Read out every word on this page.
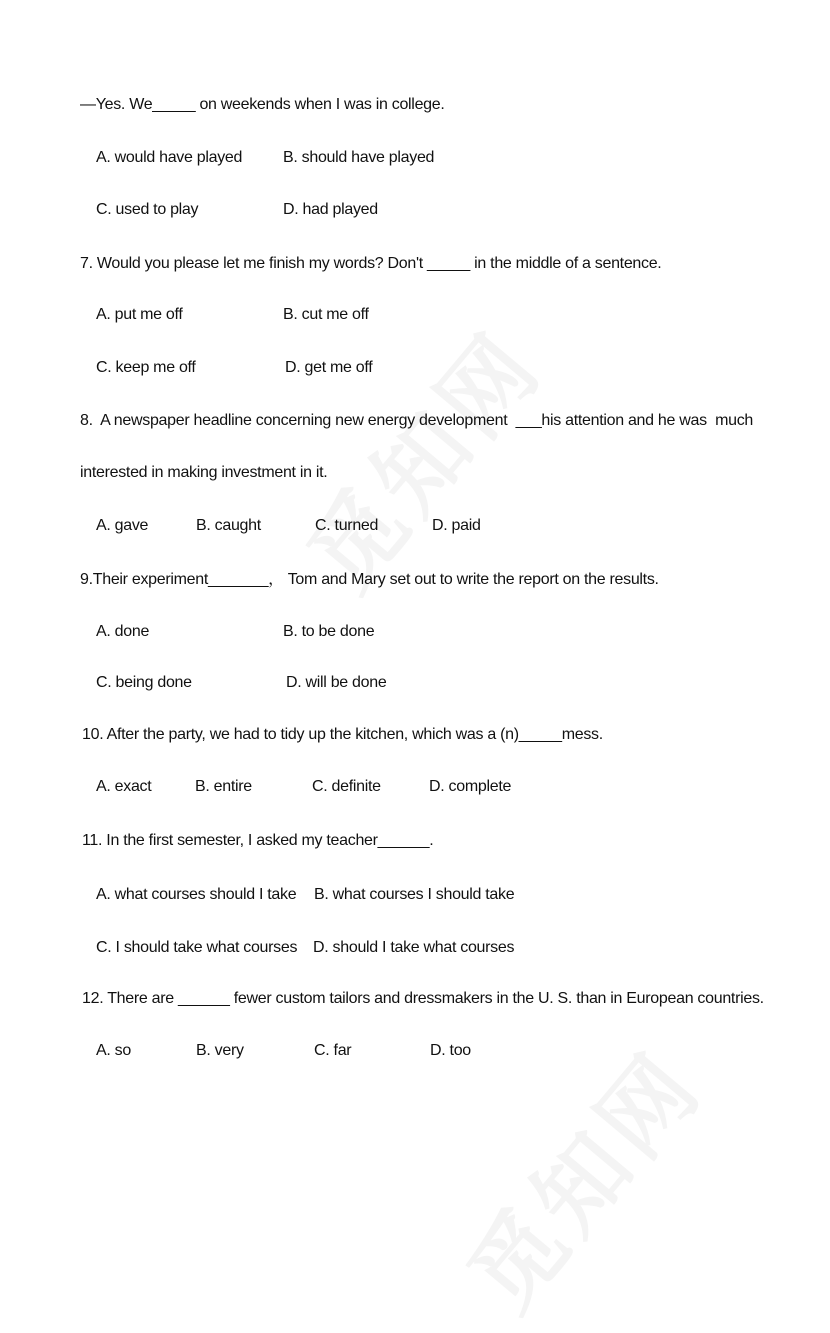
—Yes. We_____ on weekends when I was in college.
A. would have played	B. should have played
C. used to play	D. had played
7. Would you please let me finish my words? Don't _____ in the middle of a sentence.
A. put me off	B. cut me off
C. keep me off	D. get me off
8.  A newspaper headline concerning new energy development  ___his attention and he was  much
interested in making investment in it.
A. gave	B. caught	C. turned	D. paid
9.Their experiment_______， Tom and Mary set out to write the report on the results.
A. done	B. to be done
C. being done	D. will be done
10. After the party, we had to tidy up the kitchen, which was a (n)_____mess.
A. exact	B. entire	C. definite	D. complete
11. In the first semester, I asked my teacher______.
A. what courses should I take B. what courses I should take
C. I should take what courses D. should I take what courses
12. There are ______ fewer custom tailors and dressmakers in the U. S. than in European countries.
A. so	B. very	C. far	D. too
